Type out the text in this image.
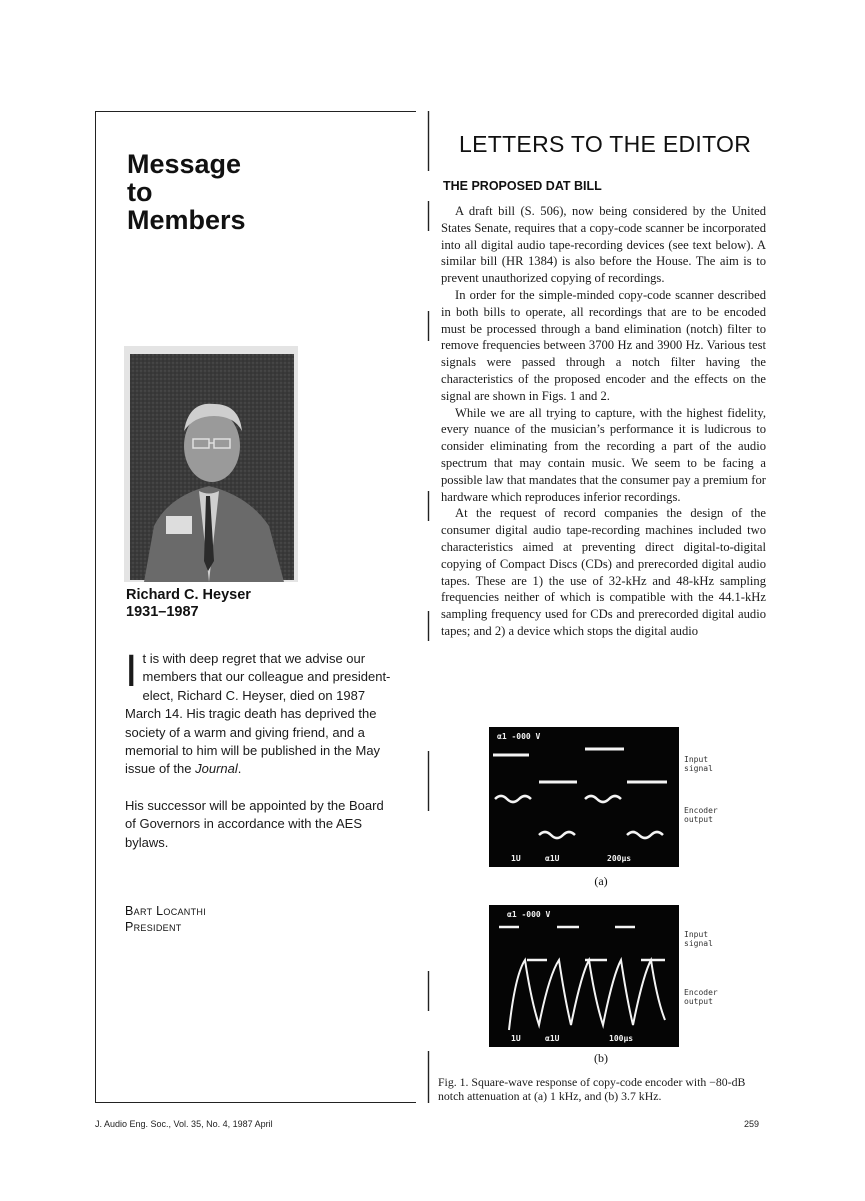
Message
to
Members
Richard C. Heyser
1931–1987

It is with deep regret that we advise our members that our colleague and president-elect, Richard C. Heyser, died on 1987 March 14. His tragic death has deprived the society of a warm and giving friend, and a memorial to him will be published in the May issue of the Journal.

His successor will be appointed by the Board of Governors in accordance with the AES bylaws.

Bart Locanthi
President
LETTERS TO THE EDITOR
THE PROPOSED DAT BILL

A draft bill (S. 506), now being considered by the United States Senate, requires that a copy-code scanner be incorporated into all digital audio tape-recording devices (see text below). A similar bill (HR 1384) is also before the House. The aim is to prevent unauthorized copying of recordings.

In order for the simple-minded copy-code scanner described in both bills to operate, all recordings that are to be encoded must be processed through a band elimination (notch) filter to remove frequencies between 3700 Hz and 3900 Hz. Various test signals were passed through a notch filter having the characteristics of the proposed encoder and the effects on the signal are shown in Figs. 1 and 2.

While we are all trying to capture, with the highest fidelity, every nuance of the musician’s performance it is ludicrous to consider eliminating from the recording a part of the audio spectrum that may contain music. We seem to be facing a possible law that mandates that the consumer pay a premium for hardware which reproduces inferior recordings.

At the request of record companies the design of the consumer digital audio tape-recording machines included two characteristics aimed at preventing direct digital-to-digital copying of Compact Discs (CDs) and prerecorded digital audio tapes. These are 1) the use of 32-kHz and 48-kHz sampling frequencies neither of which is compatible with the 44.1-kHz sampling frequency used for CDs and prerecorded digital audio tapes; and 2) a device which stops the digital audio

α1 -000 V
1U	α1U	200μs
Input
signal
Encoder
output
(a)
α1 -000 V
1U	α1U	100μs
Input
signal
Encoder
output
(b)
Fig. 1. Square-wave response of copy-code encoder with −80-dB notch attenuation at (a) 1 kHz, and (b) 3.7 kHz.
J. Audio Eng. Soc., Vol. 35, No. 4, 1987 April	259
